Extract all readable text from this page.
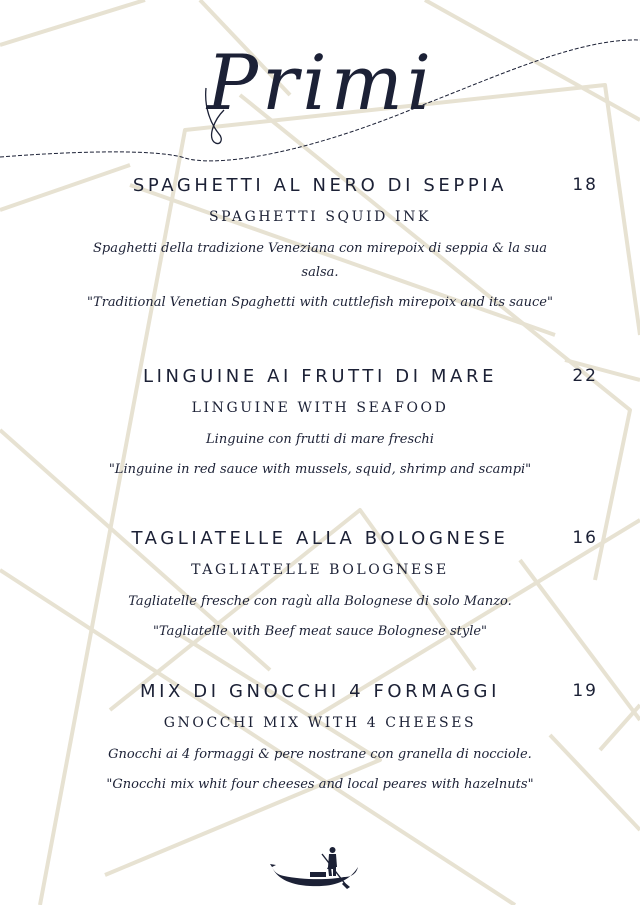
Primi
SPAGHETTI AL NERO DI SEPPIA	18
SPAGHETTI SQUID INK
Spaghetti della tradizione Veneziana con mirepoix di seppia & la sua salsa.
"Traditional Venetian Spaghetti with cuttlefish mirepoix and its sauce"
LINGUINE AI FRUTTI DI MARE	22
LINGUINE WITH SEAFOOD
Linguine con frutti di mare freschi
"Linguine in red sauce with mussels, squid, shrimp and scampi"
TAGLIATELLE ALLA BOLOGNESE	16
TAGLIATELLE BOLOGNESE
Tagliatelle fresche con ragù alla Bolognese di solo Manzo.
"Tagliatelle with Beef meat sauce Bolognese style"
MIX DI GNOCCHI 4 FORMAGGI	19
GNOCCHI MIX WITH 4 CHEESES
Gnocchi ai 4 formaggi & pere nostrane con granella di nocciole.
"Gnocchi mix whit four cheeses and local peares with hazelnuts"
